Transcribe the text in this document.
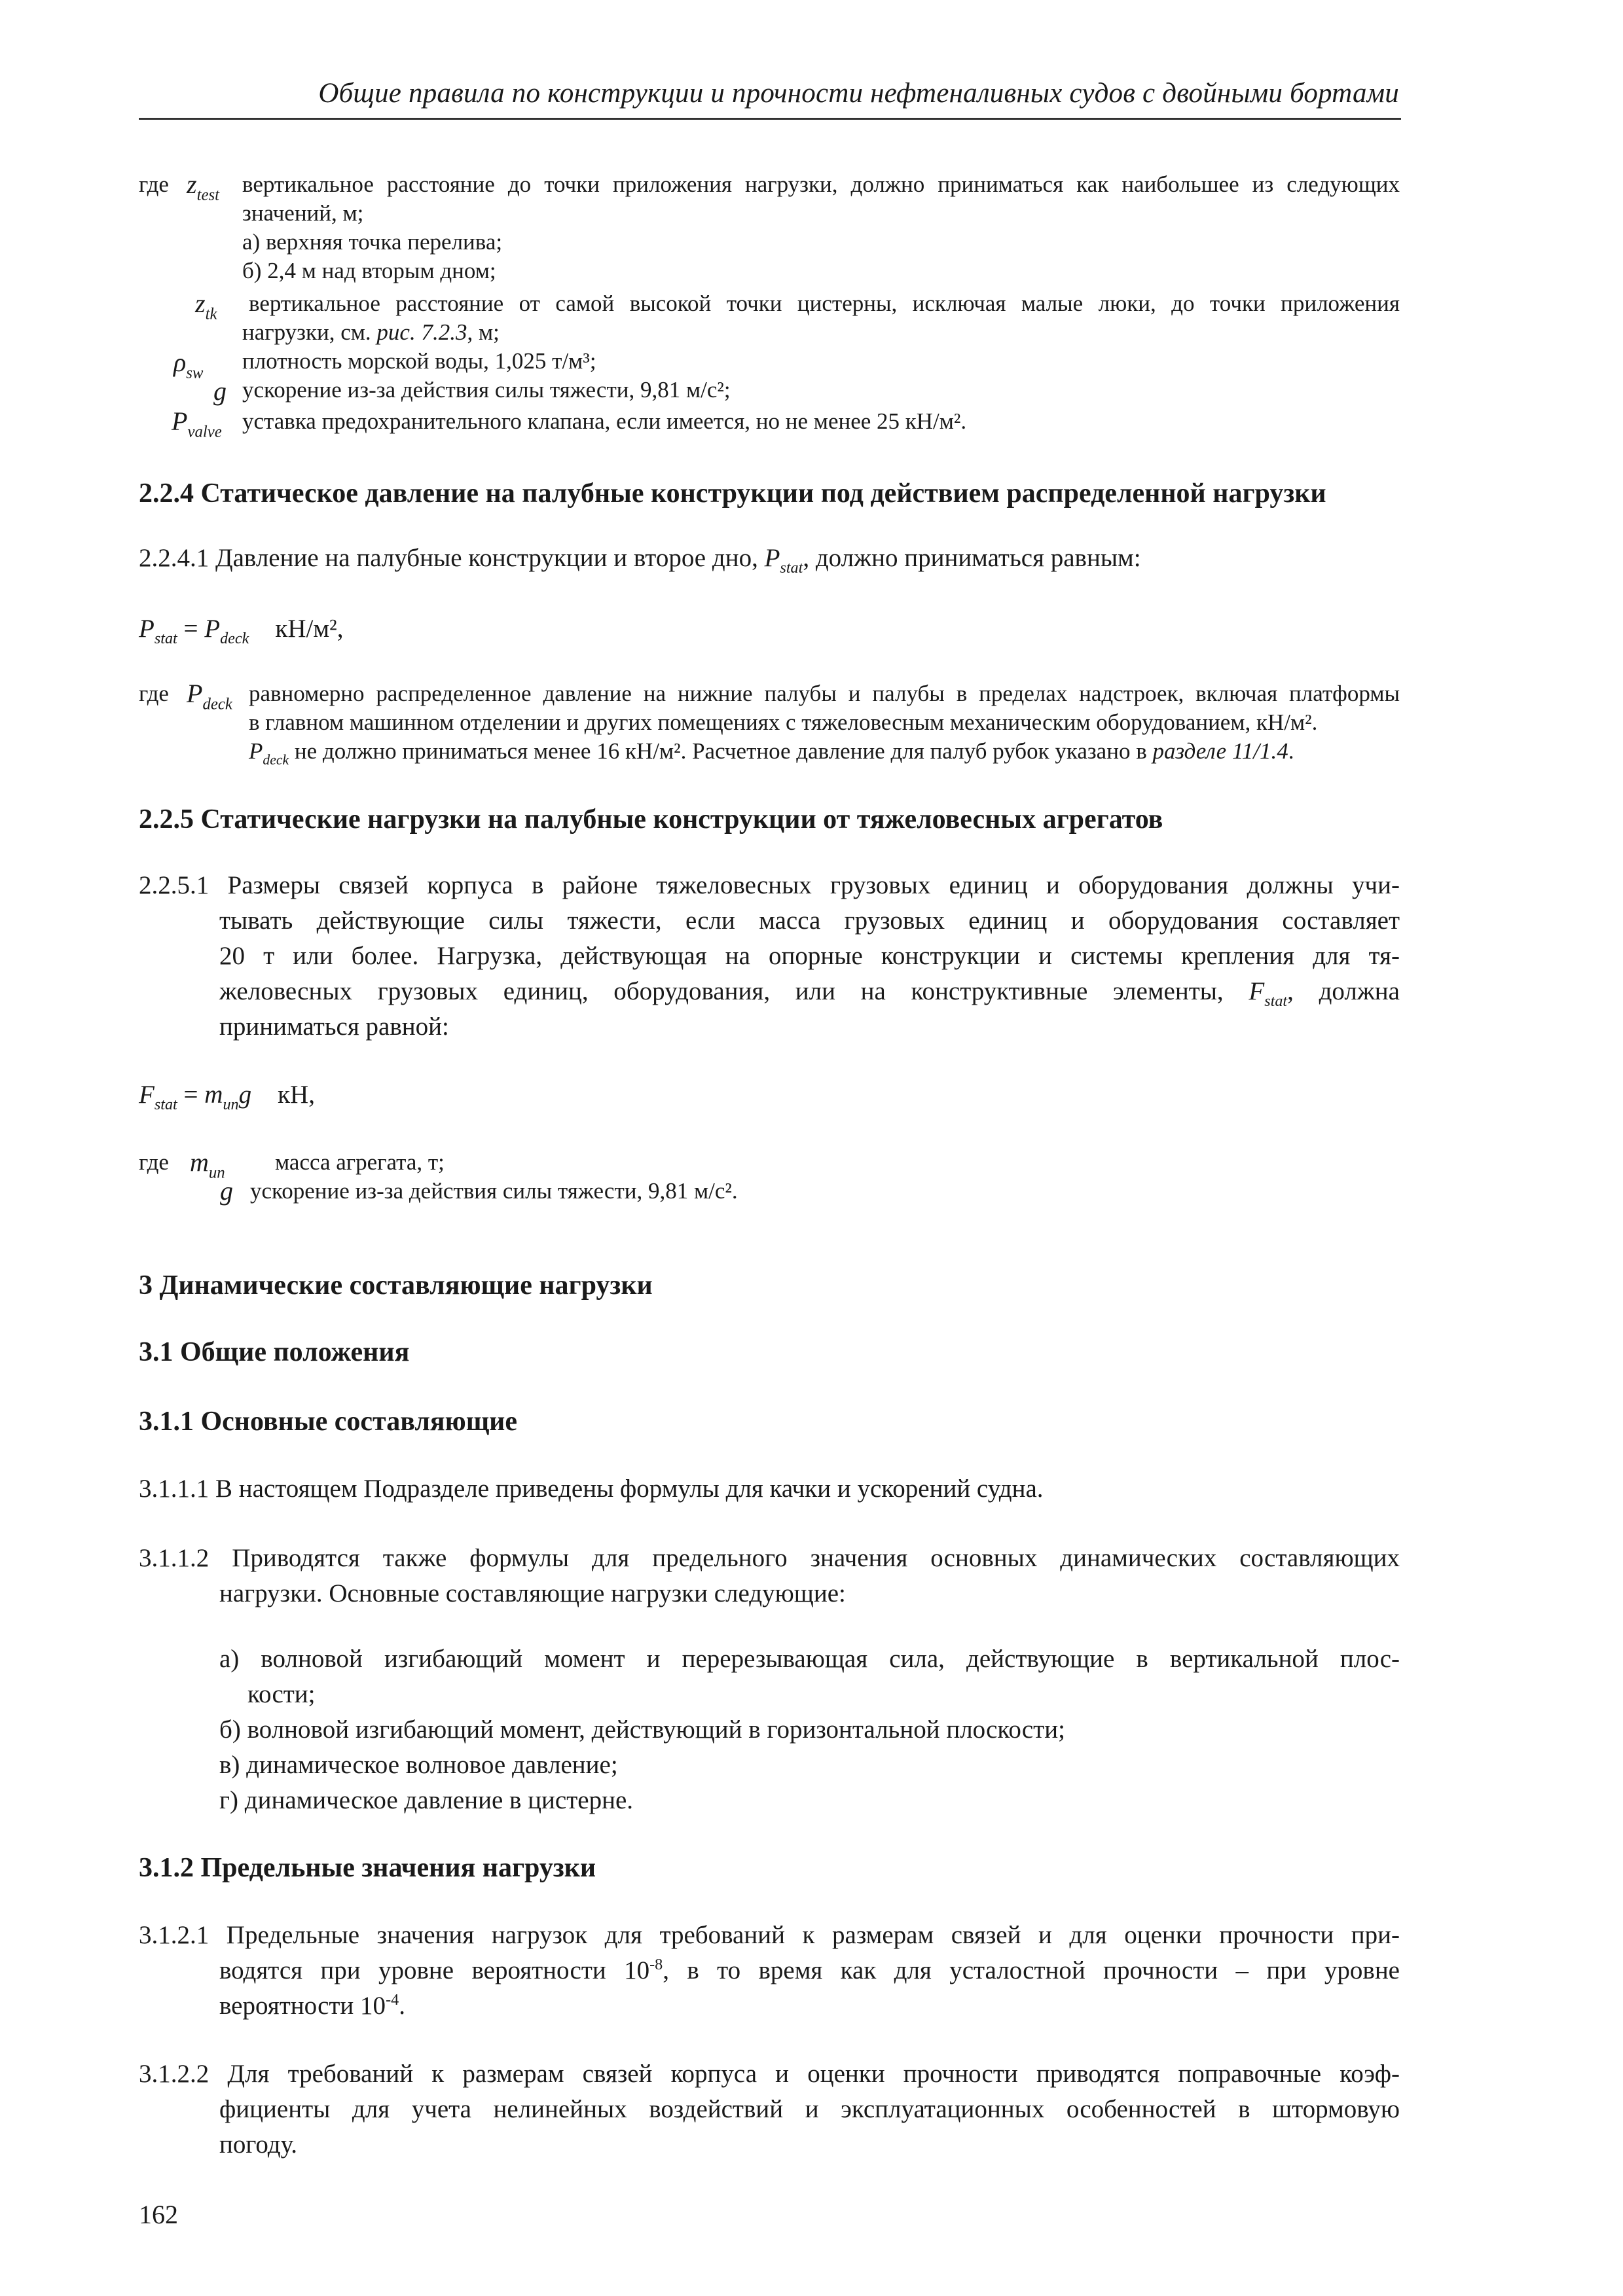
Общие правила по конструкции и прочности нефтеналивных судов с двойными бортами
где $z_{test}$ вертикальное расстояние до точки приложения нагрузки, должно приниматься как наибольшее из следующих
значений, м;
а) верхняя точка перелива;
б) 2,4 м над вторым дном;
$z_{tk}$ вертикальное расстояние от самой высокой точки цистерны, исключая малые люки, до точки приложения
нагрузки, см. рис. 7.2.3, м;
$\rho_{sw}$ плотность морской воды, 1,025 т/м³;
g ускорение из-за действия силы тяжести, 9,81 м/с²;
$P_{valve}$ уставка предохранительного клапана, если имеется, но не менее 25 кН/м².
2.2.4 Статическое давление на палубные конструкции под действием распределенной нагрузки
2.2.4.1 Давление на палубные конструкции и второе дно, $P_{stat}$, должно приниматься равным:
$P_{stat} = P_{deck}$ кН/м²,
где $P_{deck}$ равномерно распределенное давление на нижние палубы и палубы в пределах надстроек, включая платформы
в главном машинном отделении и других помещениях с тяжеловесным механическим оборудованием, кН/м².
$P_{deck}$ не должно приниматься менее 16 кН/м². Расчетное давление для палуб рубок указано в разделе 11/1.4.
2.2.5 Статические нагрузки на палубные конструкции от тяжеловесных агрегатов
2.2.5.1 Размеры связей корпуса в районе тяжеловесных грузовых единиц и оборудования должны учи-
тывать действующие силы тяжести, если масса грузовых единиц и оборудования составляет
20 т или более. Нагрузка, действующая на опорные конструкции и системы крепления для тя-
желовесных грузовых единиц, оборудования, или на конструктивные элементы, $F_{stat}$, должна
приниматься равной:
$F_{stat} = m_{un}g$ кН,
где $m_{un}$ масса агрегата, т;
g ускорение из-за действия силы тяжести, 9,81 м/с².
3 Динамические составляющие нагрузки
3.1 Общие положения
3.1.1 Основные составляющие
3.1.1.1 В настоящем Подразделе приведены формулы для качки и ускорений судна.
3.1.1.2 Приводятся также формулы для предельного значения основных динамических составляющих
нагрузки. Основные составляющие нагрузки следующие:
а) волновой изгибающий момент и перерезывающая сила, действующие в вертикальной плос-
кости;
б) волновой изгибающий момент, действующий в горизонтальной плоскости;
в) динамическое волновое давление;
г) динамическое давление в цистерне.
3.1.2 Предельные значения нагрузки
3.1.2.1 Предельные значения нагрузок для требований к размерам связей и для оценки прочности при-
водятся при уровне вероятности $10^{-8}$, в то время как для усталостной прочности – при уровне
вероятности $10^{-4}$.
3.1.2.2 Для требований к размерам связей корпуса и оценки прочности приводятся поправочные коэф-
фициенты для учета нелинейных воздействий и эксплуатационных особенностей в штормовую
погоду.
162
